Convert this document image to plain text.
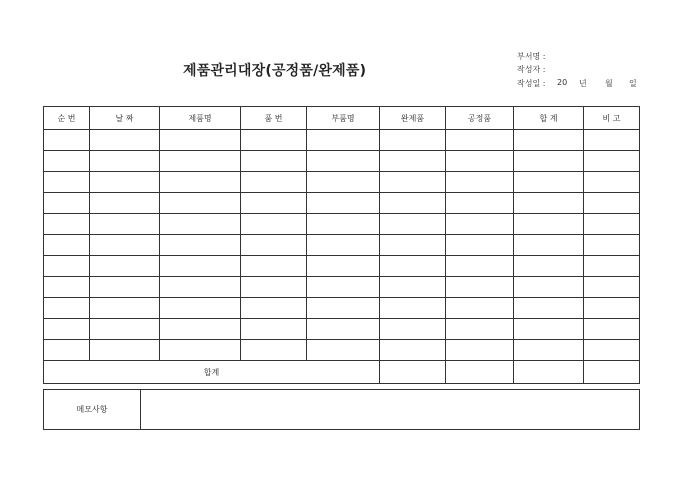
제품관리대장(공정품/완제품)
부서명 :
작성자 :
작성일 : 20 년 월 일
순 번	날 짜	제품명	품 번	부품명	완제품	공정품	합 계	비 고

합계								
메모사항	
